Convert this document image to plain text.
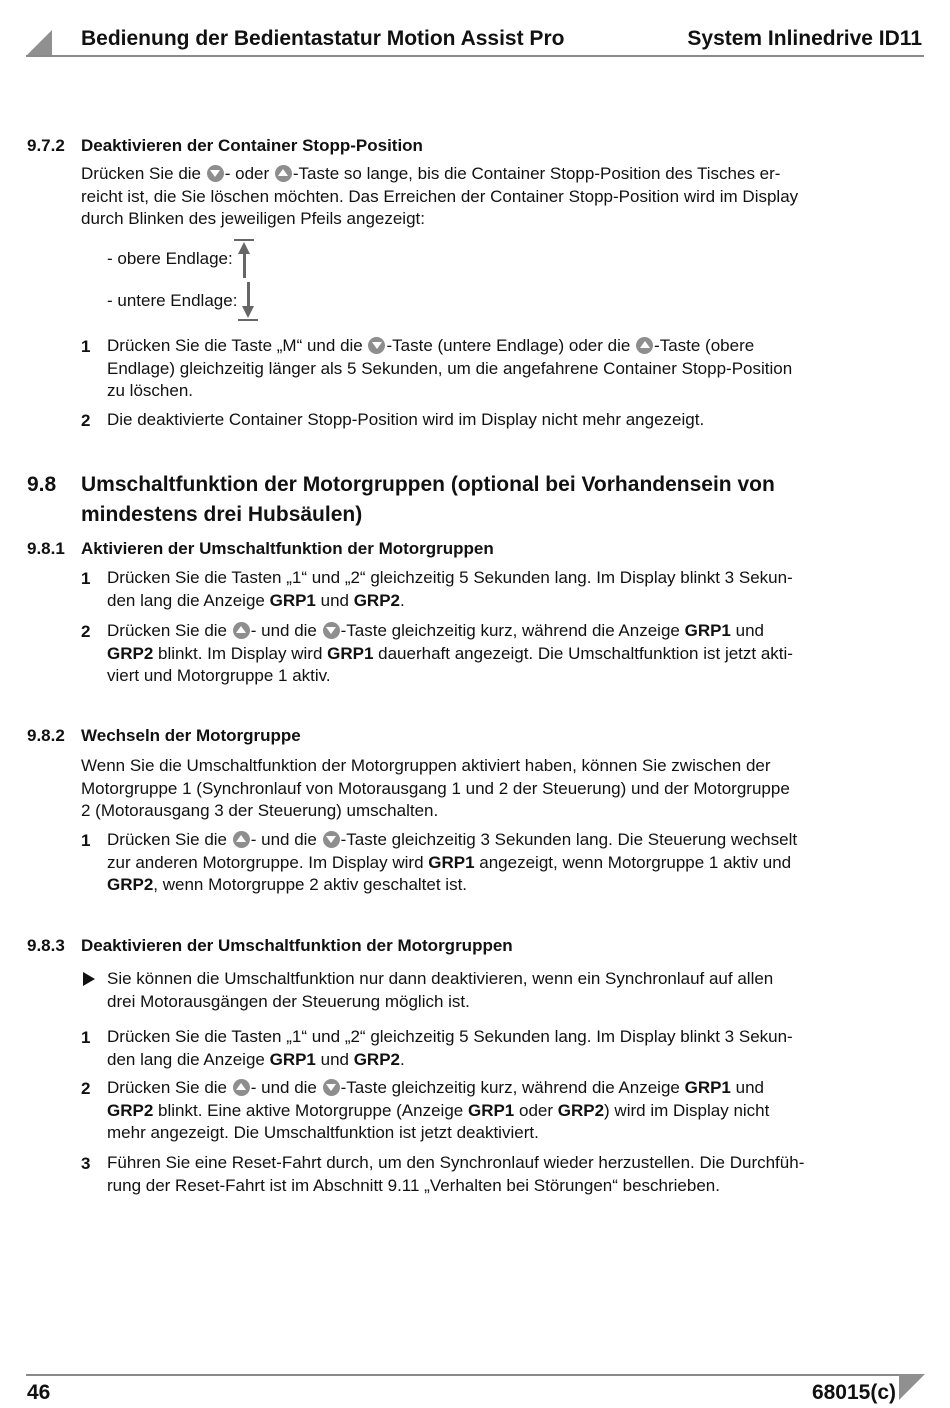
Bedienung der Bedientastatur Motion Assist Pro	System Inlinedrive ID11
9.7.2 Deaktivieren der Container Stopp-Position
Drücken Sie die - oder -Taste so lange, bis die Container Stopp-Position des Tisches er-
reicht ist, die Sie löschen möchten. Das Erreichen der Container Stopp-Position wird im Display
durch Blinken des jeweiligen Pfeils angezeigt:
- obere Endlage:
- untere Endlage:
1 Drücken Sie die Taste „M“ und die -Taste (untere Endlage) oder die -Taste (obere
Endlage) gleichzeitig länger als 5 Sekunden, um die angefahrene Container Stopp-Position
zu löschen.
2 Die deaktivierte Container Stopp-Position wird im Display nicht mehr angezeigt.
9.8 Umschaltfunktion der Motorgruppen (optional bei Vorhandensein von
mindestens drei Hubsäulen)
9.8.1 Aktivieren der Umschaltfunktion der Motorgruppen
1 Drücken Sie die Tasten „1“ und „2“ gleichzeitig 5 Sekunden lang. Im Display blinkt 3 Sekun-
den lang die Anzeige GRP1 und GRP2.
2 Drücken Sie die - und die -Taste gleichzeitig kurz, während die Anzeige GRP1 und
GRP2 blinkt. Im Display wird GRP1 dauerhaft angezeigt. Die Umschaltfunktion ist jetzt akti-
viert und Motorgruppe 1 aktiv.
9.8.2 Wechseln der Motorgruppe
Wenn Sie die Umschaltfunktion der Motorgruppen aktiviert haben, können Sie zwischen der
Motorgruppe 1 (Synchronlauf von Motorausgang 1 und 2 der Steuerung) und der Motorgruppe
2 (Motorausgang 3 der Steuerung) umschalten.
1 Drücken Sie die - und die -Taste gleichzeitig 3 Sekunden lang. Die Steuerung wechselt
zur anderen Motorgruppe. Im Display wird GRP1 angezeigt, wenn Motorgruppe 1 aktiv und
GRP2, wenn Motorgruppe 2 aktiv geschaltet ist.
9.8.3 Deaktivieren der Umschaltfunktion der Motorgruppen
Sie können die Umschaltfunktion nur dann deaktivieren, wenn ein Synchronlauf auf allen
drei Motorausgängen der Steuerung möglich ist.
1 Drücken Sie die Tasten „1“ und „2“ gleichzeitig 5 Sekunden lang. Im Display blinkt 3 Sekun-
den lang die Anzeige GRP1 und GRP2.
2 Drücken Sie die - und die -Taste gleichzeitig kurz, während die Anzeige GRP1 und
GRP2 blinkt. Eine aktive Motorgruppe (Anzeige GRP1 oder GRP2) wird im Display nicht
mehr angezeigt. Die Umschaltfunktion ist jetzt deaktiviert.
3 Führen Sie eine Reset-Fahrt durch, um den Synchronlauf wieder herzustellen. Die Durchfüh-
rung der Reset-Fahrt ist im Abschnitt 9.11 „Verhalten bei Störungen“ beschrieben.
46	68015(c)
